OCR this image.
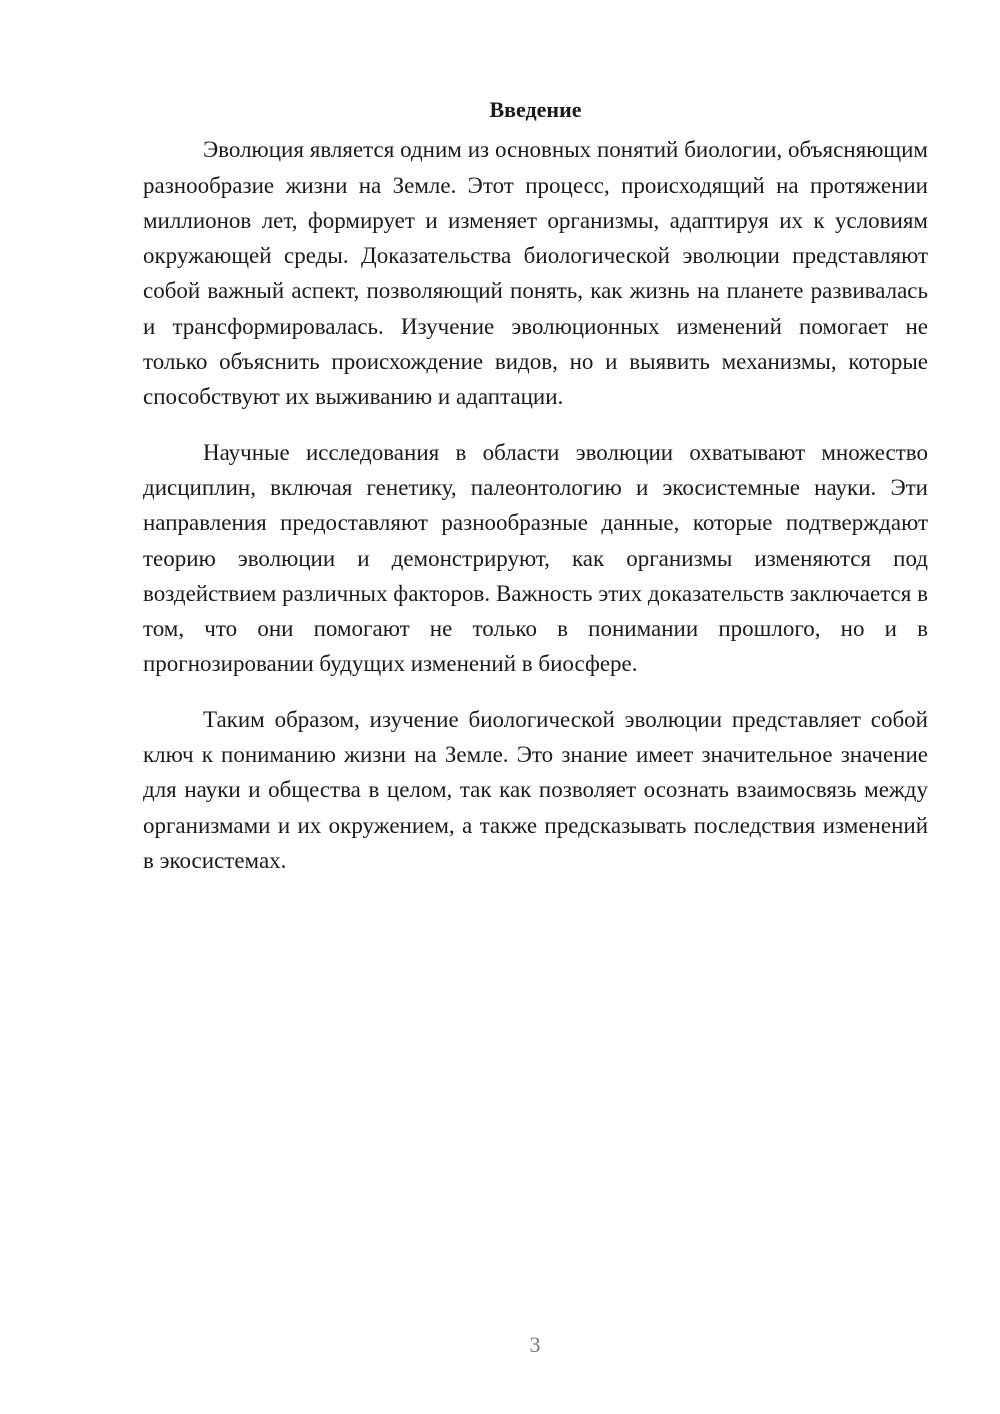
Введение

Эволюция является одним из основных понятий биологии, объясняющим разнообразие жизни на Земле. Этот процесс, происходящий на протяжении миллионов лет, формирует и изменяет организмы, адаптируя их к условиям окружающей среды. Доказательства биологической эволюции представляют собой важный аспект, позволяющий понять, как жизнь на планете развивалась и трансформировалась. Изучение эволюционных изменений помогает не только объяснить происхождение видов, но и выявить механизмы, которые способствуют их выживанию и адаптации.

Научные исследования в области эволюции охватывают множество дисциплин, включая генетику, палеонтологию и экосистемные науки. Эти направления предоставляют разнообразные данные, которые подтверждают теорию эволюции и демонстрируют, как организмы изменяются под воздействием различных факторов. Важность этих доказательств заключается в том, что они помогают не только в понимании прошлого, но и в прогнозировании будущих изменений в биосфере.

Таким образом, изучение биологической эволюции представляет собой ключ к пониманию жизни на Земле. Это знание имеет значительное значение для науки и общества в целом, так как позволяет осознать взаимосвязь между организмами и их окружением, а также предсказывать последствия изменений в экосистемах.

3
